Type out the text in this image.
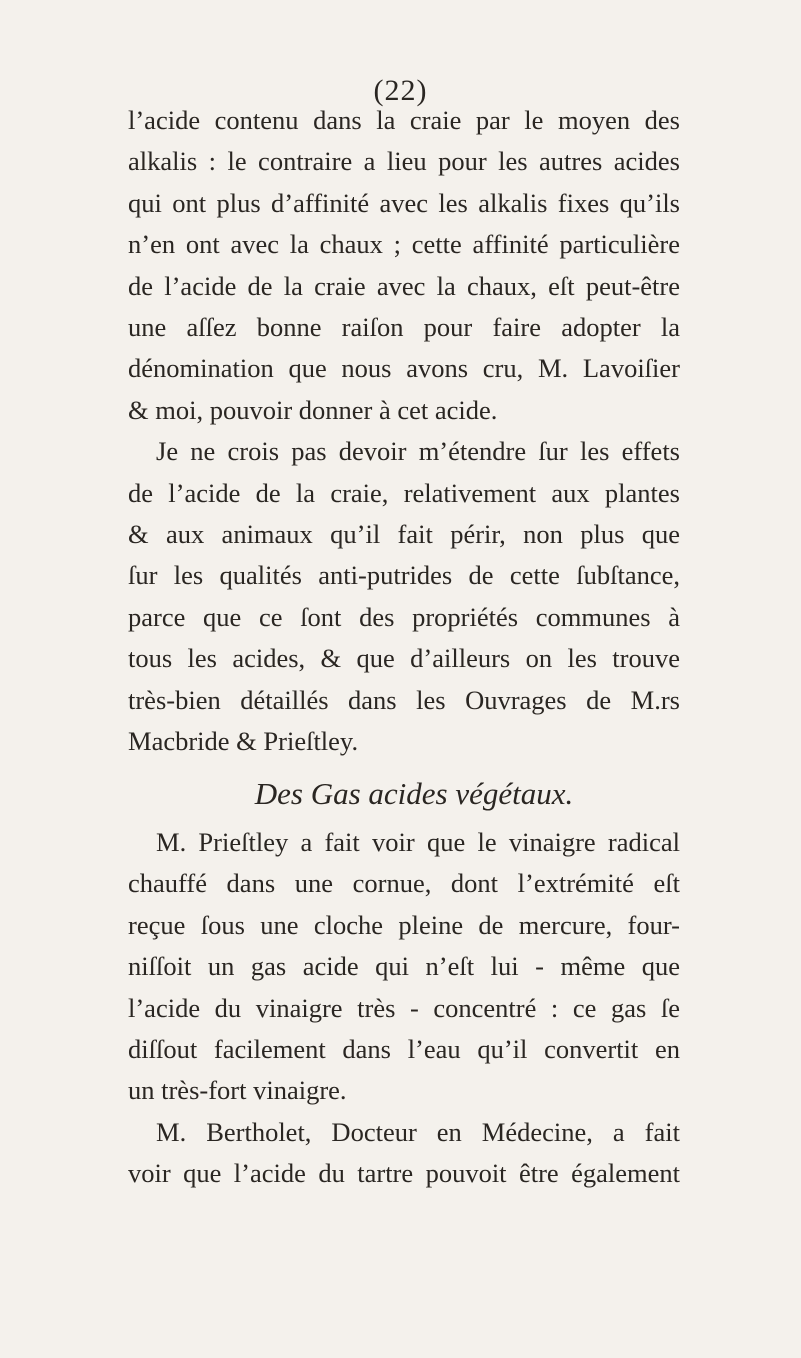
(22)
l’acide contenu dans la craie par le moyen des
alkalis : le contraire a lieu pour les autres acides
qui ont plus d’affinité avec les alkalis fixes qu’ils
n’en ont avec la chaux ; cette affinité particulière
de l’acide de la craie avec la chaux, eſt peut-être
une aſſez bonne raiſon pour faire adopter la
dénomination que nous avons cru, M. Lavoiſier
& moi, pouvoir donner à cet acide.
Je ne crois pas devoir m’étendre ſur les effets
de l’acide de la craie, relativement aux plantes
& aux animaux qu’il fait périr, non plus que
ſur les qualités anti-putrides de cette ſubſtance,
parce que ce ſont des propriétés communes à
tous les acides, & que d’ailleurs on les trouve
très-bien détaillés dans les Ouvrages de M.rs
Macbride & Prieſtley.
Des Gas acides végétaux.
M. Prieſtley a fait voir que le vinaigre radical
chauffé dans une cornue, dont l’extrémité eſt
reçue ſous une cloche pleine de mercure, four-
niſſoit un gas acide qui n’eſt lui - même que
l’acide du vinaigre très - concentré : ce gas ſe
diſſout facilement dans l’eau qu’il convertit en
un très-fort vinaigre.
M. Bertholet, Docteur en Médecine, a fait
voir que l’acide du tartre pouvoit être également
